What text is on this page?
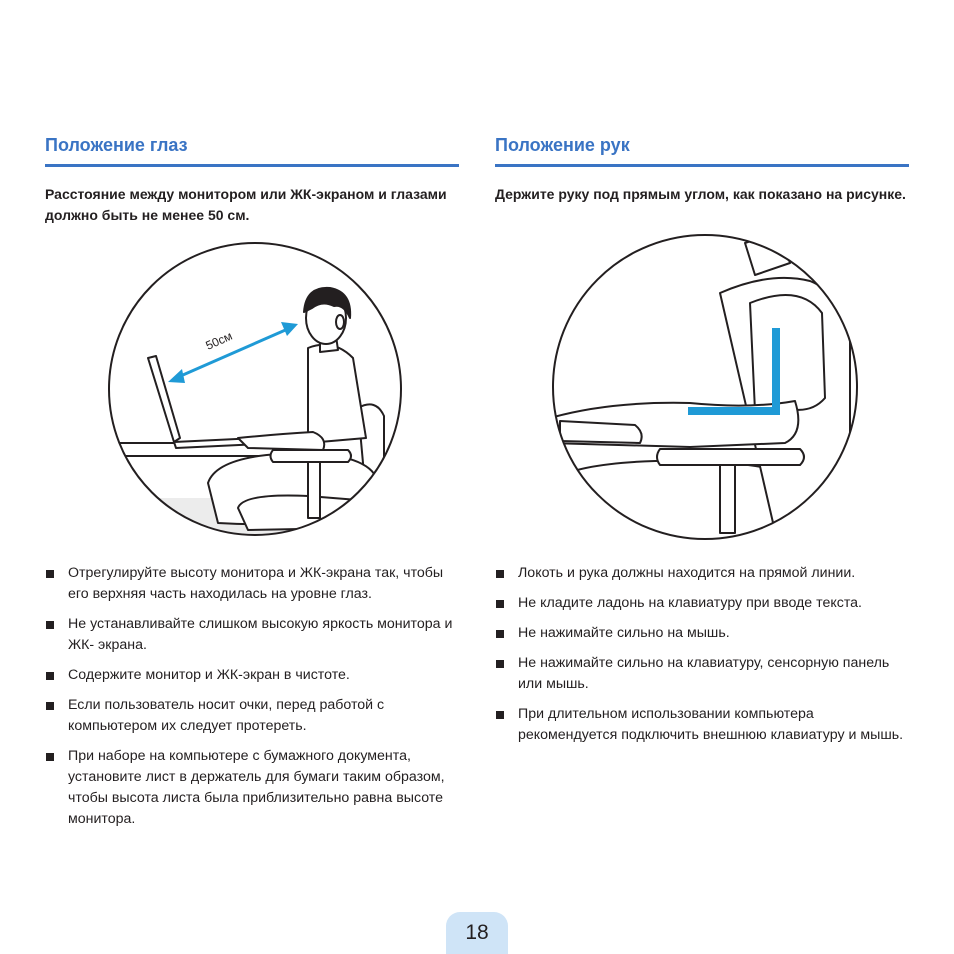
Положение глаз

Расстояние между монитором или ЖК-экраном и глазами должно быть не менее 50 см.

50см
Положение рук

Держите руку под прямым углом, как показано на рисунке.

Отрегулируйте высоту монитора и ЖК-экрана так, чтобы его верхняя часть находилась на уровне глаз.
Не устанавливайте слишком высокую яркость монитора и ЖК- экрана.
Содержите монитор и ЖК-экран в чистоте.
Если пользователь носит очки, перед работой с компьютером их следует протереть.
При наборе на компьютере с бумажного документа, установите лист в держатель для бумаги таким образом, чтобы высота листа была приблизительно равна высоте монитора.
Локоть и рука должны находится на прямой линии.
Не кладите ладонь на клавиатуру при вводе текста.
Не нажимайте сильно на мышь.
Не нажимайте сильно на клавиатуру, сенсорную панель или мышь.
При длительном использовании компьютера рекомендуется подключить внешнюю клавиатуру и мышь.
18
